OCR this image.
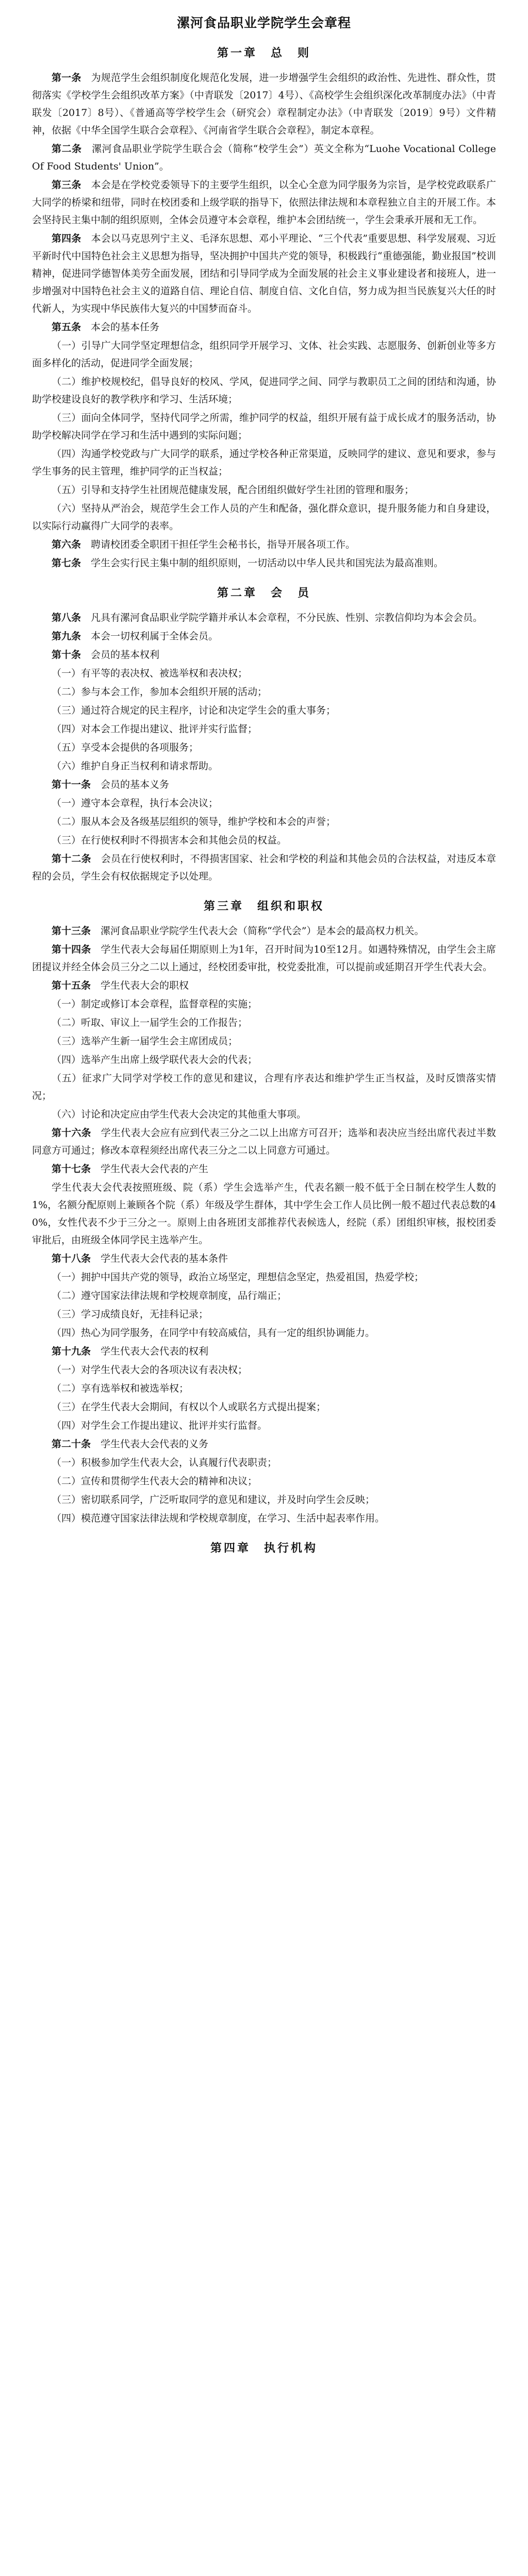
漯河食品职业学院学生会章程
第一章　总　则

第一条  为规范学生会组织制度化规范化发展，进一步增强学生会组织的政治性、先进性、群众性，贯彻落实《学校学生会组织改革方案》（中青联发〔2017〕4号）、《高校学生会组织深化改革制度办法》（中青联发〔2017〕8号）、《普通高等学校学生会（研究会）章程制定办法》（中青联发〔2019〕9号）文件精神，依据《中华全国学生联合会章程》、《河南省学生联合会章程》，制定本章程。

第二条  漯河食品职业学院学生联合会（简称“校学生会”）英文全称为“Luohe Vocational College Of Food Students' Union”。

第三条  本会是在学校党委领导下的主要学生组织，以全心全意为同学服务为宗旨，是学校党政联系广大同学的桥梁和纽带，同时在校团委和上级学联的指导下，依照法律法规和本章程独立自主的开展工作。本会坚持民主集中制的组织原则，全体会员遵守本会章程，维护本会团结统一，学生会秉承开展和无工作。

第四条  本会以马克思列宁主义、毛泽东思想、邓小平理论、“三个代表”重要思想、科学发展观、习近平新时代中国特色社会主义思想为指导，坚决拥护中国共产党的领导，积极践行“重德强能，勤业报国”校训精神，促进同学德智体美劳全面发展，团结和引导同学成为全面发展的社会主义事业建设者和接班人，进一步增强对中国特色社会主义的道路自信、理论自信、制度自信、文化自信，努力成为担当民族复兴大任的时代新人，为实现中华民族伟大复兴的中国梦而奋斗。

第五条  本会的基本任务

（一）引导广大同学坚定理想信念，组织同学开展学习、文体、社会实践、志愿服务、创新创业等多方面多样化的活动，促进同学全面发展；

（二）维护校规校纪，倡导良好的校风、学风，促进同学之间、同学与教职员工之间的团结和沟通，协助学校建设良好的教学秩序和学习、生活环境；

（三）面向全体同学，坚持代同学之所需，维护同学的权益，组织开展有益于成长成才的服务活动，协助学校解决同学在学习和生活中遇到的实际问题；

（四）沟通学校党政与广大同学的联系，通过学校各种正常渠道，反映同学的建议、意见和要求，参与学生事务的民主管理，维护同学的正当权益；

（五）引导和支持学生社团规范健康发展，配合团组织做好学生社团的管理和服务；

（六）坚持从严治会，规范学生会工作人员的产生和配备，强化群众意识，提升服务能力和自身建设，以实际行动赢得广大同学的表率。

第六条  聘请校团委全职团干担任学生会秘书长，指导开展各项工作。

第七条  学生会实行民主集中制的组织原则，一切活动以中华人民共和国宪法为最高准则。

第二章　会　员

第八条  凡具有漯河食品职业学院学籍并承认本会章程，不分民族、性别、宗教信仰均为本会会员。

第九条  本会一切权利属于全体会员。

第十条  会员的基本权利

（一）有平等的表决权、被选举权和表决权；

（二）参与本会工作，参加本会组织开展的活动；

（三）通过符合规定的民主程序，讨论和决定学生会的重大事务；

（四）对本会工作提出建议、批评并实行监督；

（五）享受本会提供的各项服务；

（六）维护自身正当权利和请求帮助。

第十一条  会员的基本义务

（一）遵守本会章程，执行本会决议；

（二）服从本会及各级基层组织的领导，维护学校和本会的声誉；

（三）在行使权利时不得损害本会和其他会员的权益。

第十二条  会员在行使权利时，不得损害国家、社会和学校的利益和其他会员的合法权益，对违反本章程的会员，学生会有权依据规定予以处理。

第三章　组织和职权

第十三条  漯河食品职业学院学生代表大会（简称“学代会”）是本会的最高权力机关。

第十四条  学生代表大会每届任期原则上为1年，召开时间为10至12月。如遇特殊情况，由学生会主席团提议并经全体会员三分之二以上通过，经校团委审批，校党委批准，可以提前或延期召开学生代表大会。

第十五条  学生代表大会的职权

（一）制定或修订本会章程，监督章程的实施；

（二）听取、审议上一届学生会的工作报告；

（三）选举产生新一届学生会主席团成员；

（四）选举产生出席上级学联代表大会的代表；

（五）征求广大同学对学校工作的意见和建议，合理有序表达和维护学生正当权益，及时反馈落实情况；

（六）讨论和决定应由学生代表大会决定的其他重大事项。

第十六条  学生代表大会应有应到代表三分之二以上出席方可召开；选举和表决应当经出席代表过半数同意方可通过；修改本章程须经出席代表三分之二以上同意方可通过。

第十七条  学生代表大会代表的产生

学生代表大会代表按照班级、院（系）学生会选举产生，代表名额一般不低于全日制在校学生人数的1%，名额分配原则上兼顾各个院（系）年级及学生群体，其中学生会工作人员比例一般不超过代表总数的40%，女性代表不少于三分之一。原则上由各班团支部推荐代表候选人，经院（系）团组织审核，报校团委审批后，由班级全体同学民主选举产生。

第十八条  学生代表大会代表的基本条件

（一）拥护中国共产党的领导，政治立场坚定，理想信念坚定，热爱祖国，热爱学校；

（二）遵守国家法律法规和学校规章制度，品行端正；

（三）学习成绩良好，无挂科记录；

（四）热心为同学服务，在同学中有较高威信，具有一定的组织协调能力。

第十九条  学生代表大会代表的权利

（一）对学生代表大会的各项决议有表决权；

（二）享有选举权和被选举权；

（三）在学生代表大会期间，有权以个人或联名方式提出提案；

（四）对学生会工作提出建议、批评并实行监督。

第二十条  学生代表大会代表的义务

（一）积极参加学生代表大会，认真履行代表职责；

（二）宣传和贯彻学生代表大会的精神和决议；

（三）密切联系同学，广泛听取同学的意见和建议，并及时向学生会反映；

（四）模范遵守国家法律法规和学校规章制度，在学习、生活中起表率作用。

第四章　执行机构
